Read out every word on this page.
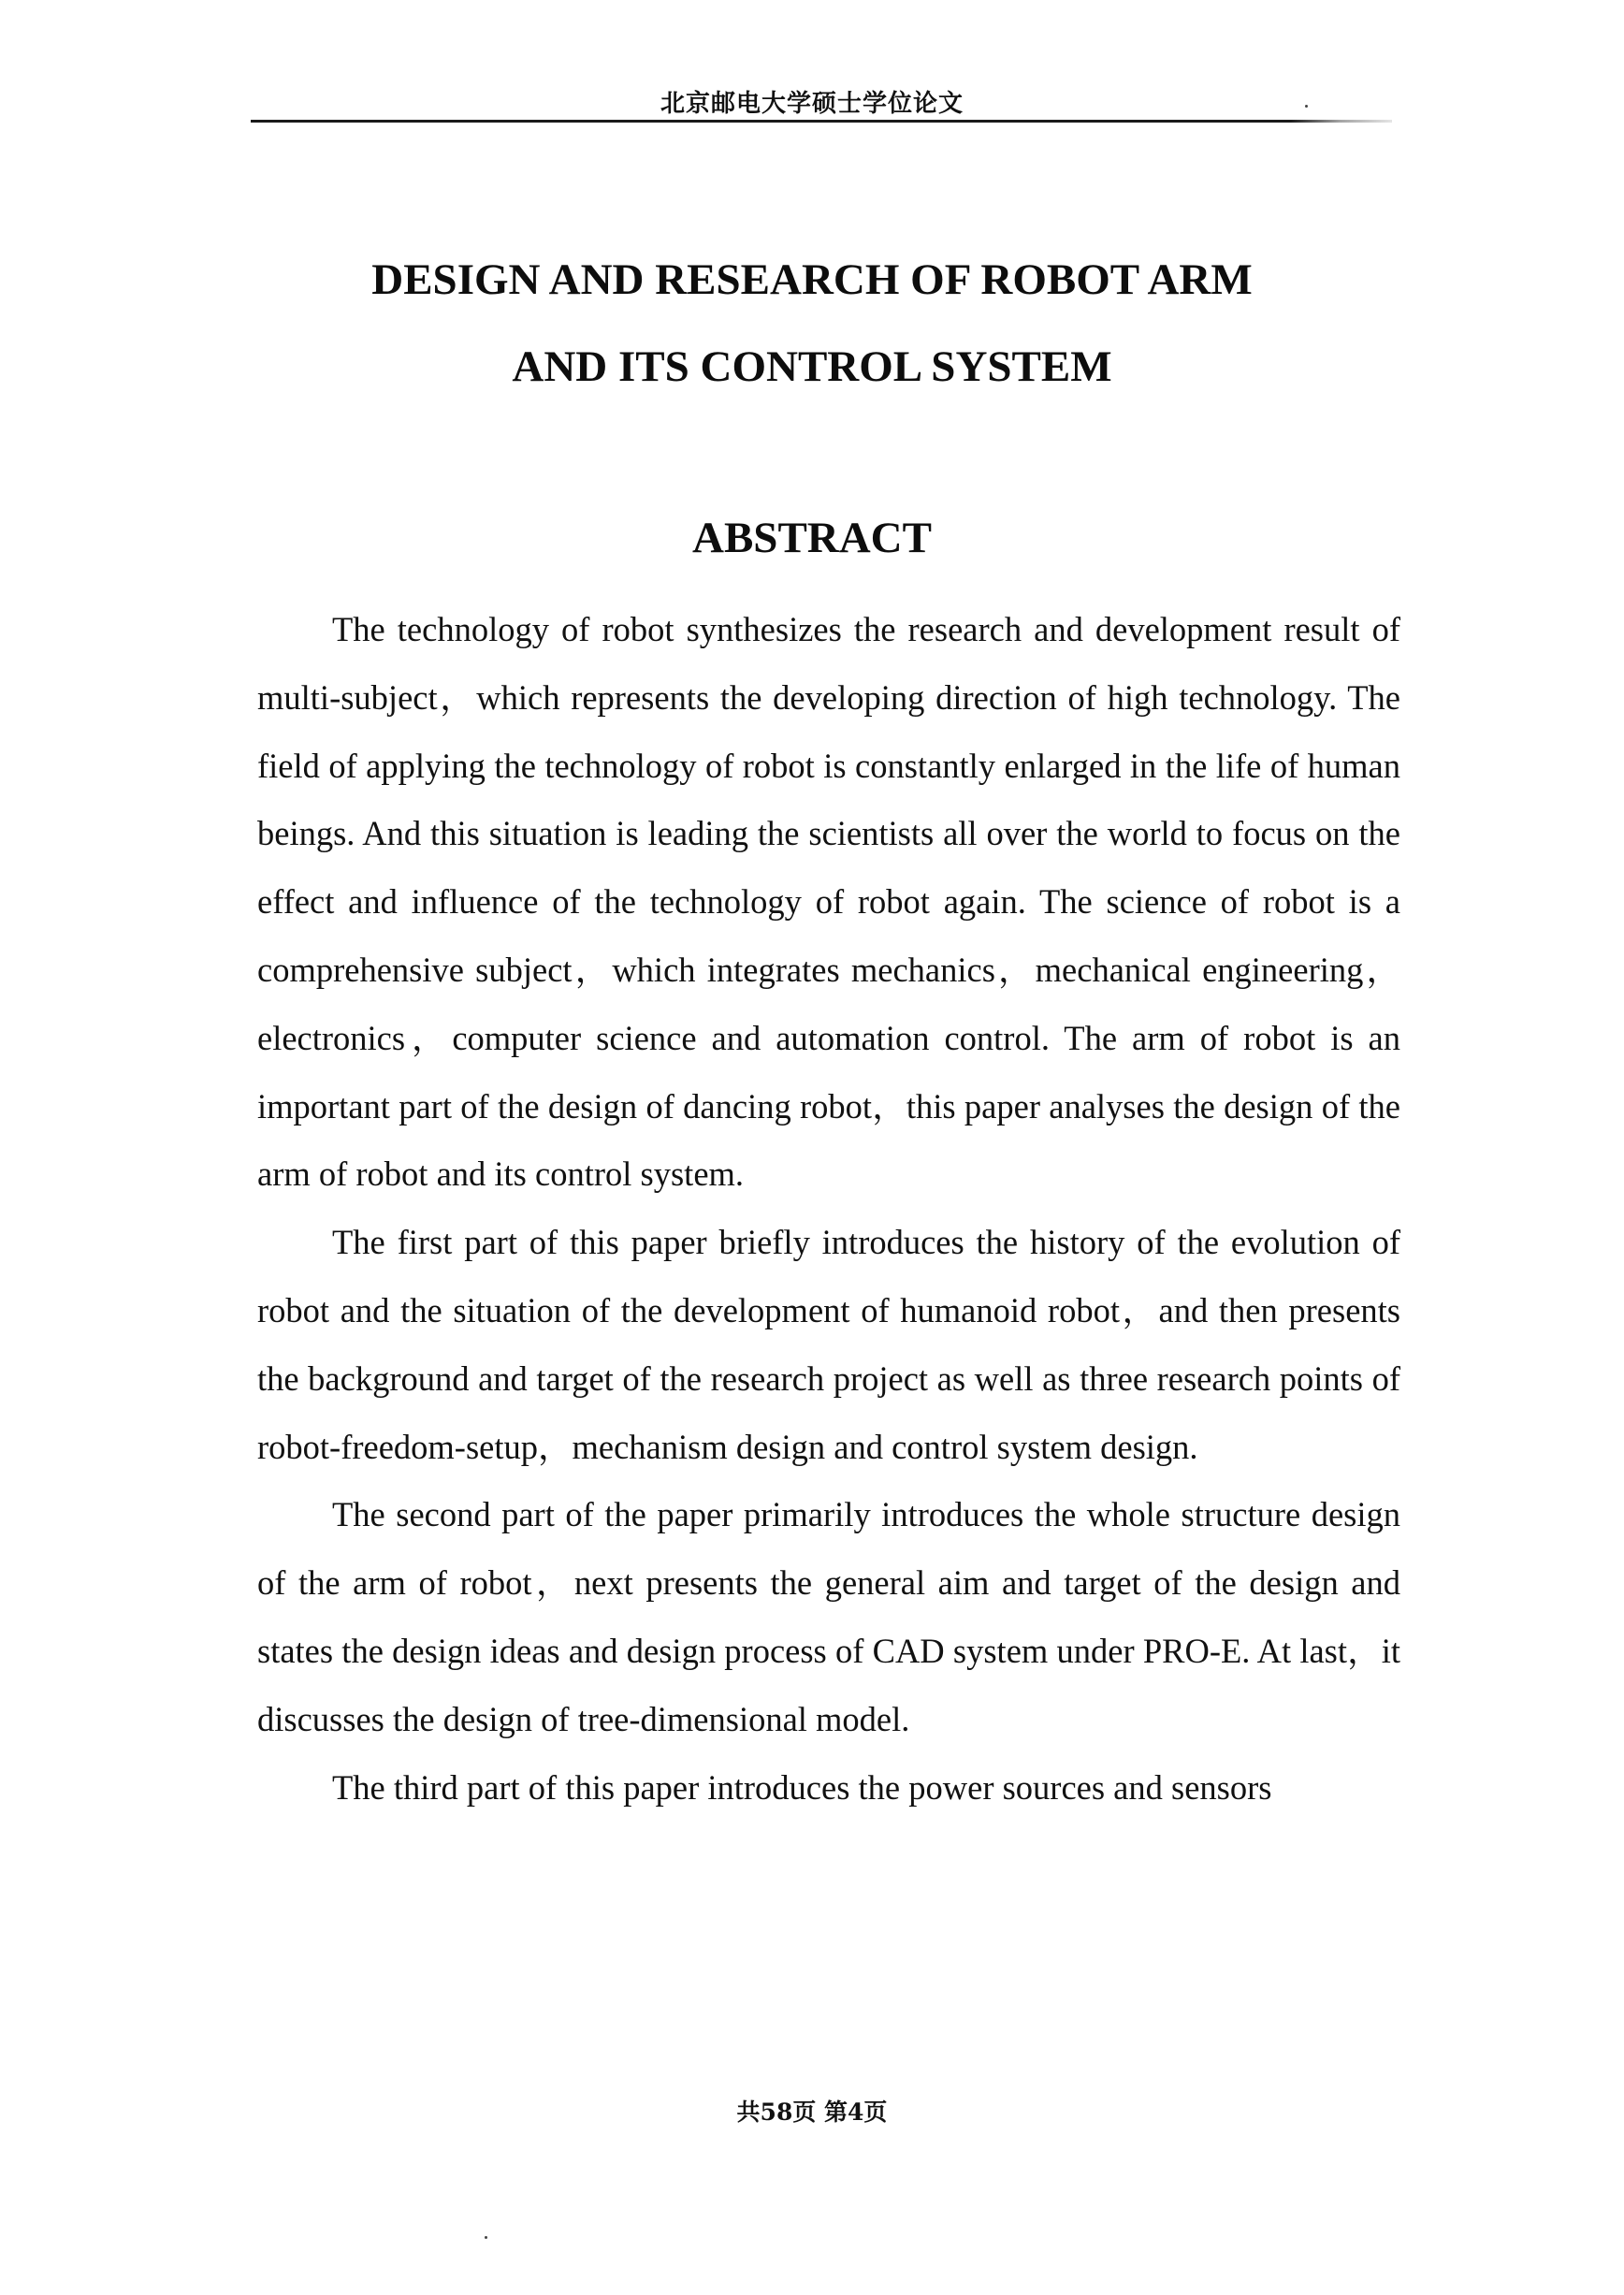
北京邮电大学硕士学位论文
DESIGN AND RESEARCH OF ROBOT ARM
AND ITS CONTROL SYSTEM
ABSTRACT

The technology of robot synthesizes the research and development result of multi-subject，which represents the developing direction of high technology. The field of applying the technology of robot is constantly enlarged in the life of human beings. And this situation is leading the scientists all over the world to focus on the effect and influence of the technology of robot again. The science of robot is a comprehensive subject，which integrates mechanics，mechanical engineering，electronics，computer science and automation control. The arm of robot is an important part of the design of dancing robot，this paper analyses the design of the arm of robot and its control system.

The first part of this paper briefly introduces the history of the evolution of robot and the situation of the development of humanoid robot，and then presents the background and target of the research project as well as three research points of robot-freedom-setup，mechanism design and control system design.

The second part of the paper primarily introduces the whole structure design of the arm of robot，next presents the general aim and target of the design and states the design ideas and design process of CAD system under PRO-E. At last，it discusses the design of tree-dimensional model.

The third part of this paper introduces the power sources and sensors

共58页 第4页
